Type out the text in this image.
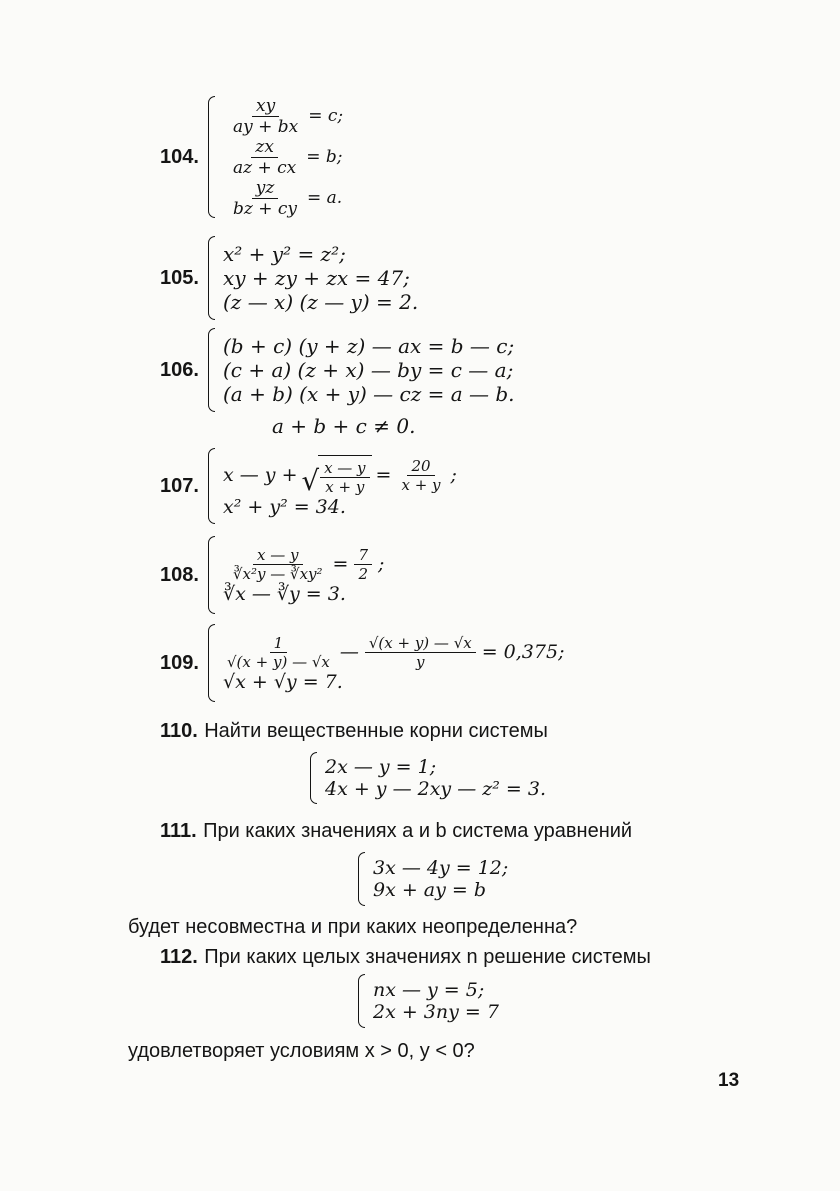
104.
$\frac{xy}{ay + bx} = c$;
$\frac{zx}{az + cx} = b$;
$\frac{yz}{bz + cy} = a$.
105.
x² + y² = z²;
xy + zy + zx = 47;
(z — x) (z — y) = 2.
106.
(b + c) (y + z) — ax = b — c;
(c + a) (z + x) — by = c — a;
(a + b) (x + y) — cz = a — b.
a + b + c ≠ 0.
107.	x — y + √ $\frac{x — y}{x + y} = \frac{20}{x + y}$ ;
x² + y² = 34.
108.	$\frac{x — y}{\text{∛x²y — ∛xy²}} = \frac{7}{2}$ ;
∛x — ∛y = 3.
109.	$\frac{1}{√(x + y) — √x}$ — $\frac{√(x + y) — √x}{y} = 0,375$;
√x + √y = 7.
110. Найти вещественные корни системы
2x — y = 1;
4x + y — 2xy — z² = 3.
111. При каких значениях a и b система уравнений
3x — 4y = 12;
9x + ay = b
будет несовместна и при каких неопределенна?
112. При каких целых значениях n решение системы
nx — y = 5;
2x + 3ny = 7
удовлетворяет условиям x > 0, y < 0?
13
